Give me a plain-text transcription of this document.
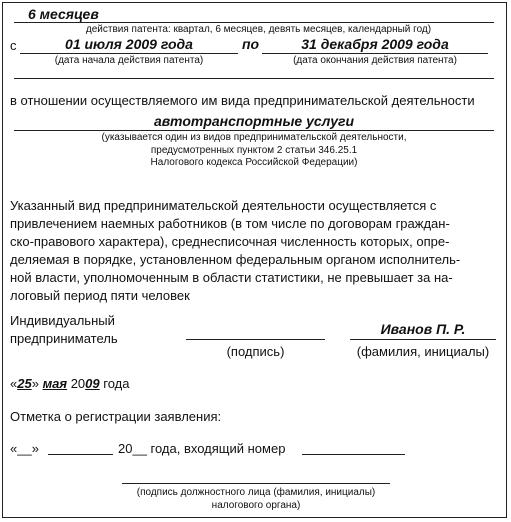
6 месяцев
действия патента: квартал, 6 месяцев, девять месяцев, календарный год)
с	01 июля 2009 года	по	31 декабря 2009 года
(дата начала действия патента)	(дата окончания действия патента)
в отношении осуществляемого им вида предпринимательской деятельности
автотранспортные услуги
(указывается один из видов предпринимательской деятельности,
предусмотренных пунктом 2 статьи 346.25.1
Налогового кодекса Российской Федерации)
Указанный вид предпринимательской деятельности осуществляется с
привлечением наемных работников (в том числе по договорам граждан-
ско-правового характера), среднесписочная численность которых, опре-
деляемая в порядке, установленном федеральным органом исполнитель-
ной власти, уполномоченным в области статистики, не превышает за на-
логовый период пяти человек
Индивидуальный
предприниматель
(подпись)
Иванов П. Р.
(фамилия, инициалы)
«25» мая 2009 года
Отметка о регистрации заявления:
«__»	20__ года, входящий номер
(подпись должностного лица (фамилия, инициалы)
налогового органа)
